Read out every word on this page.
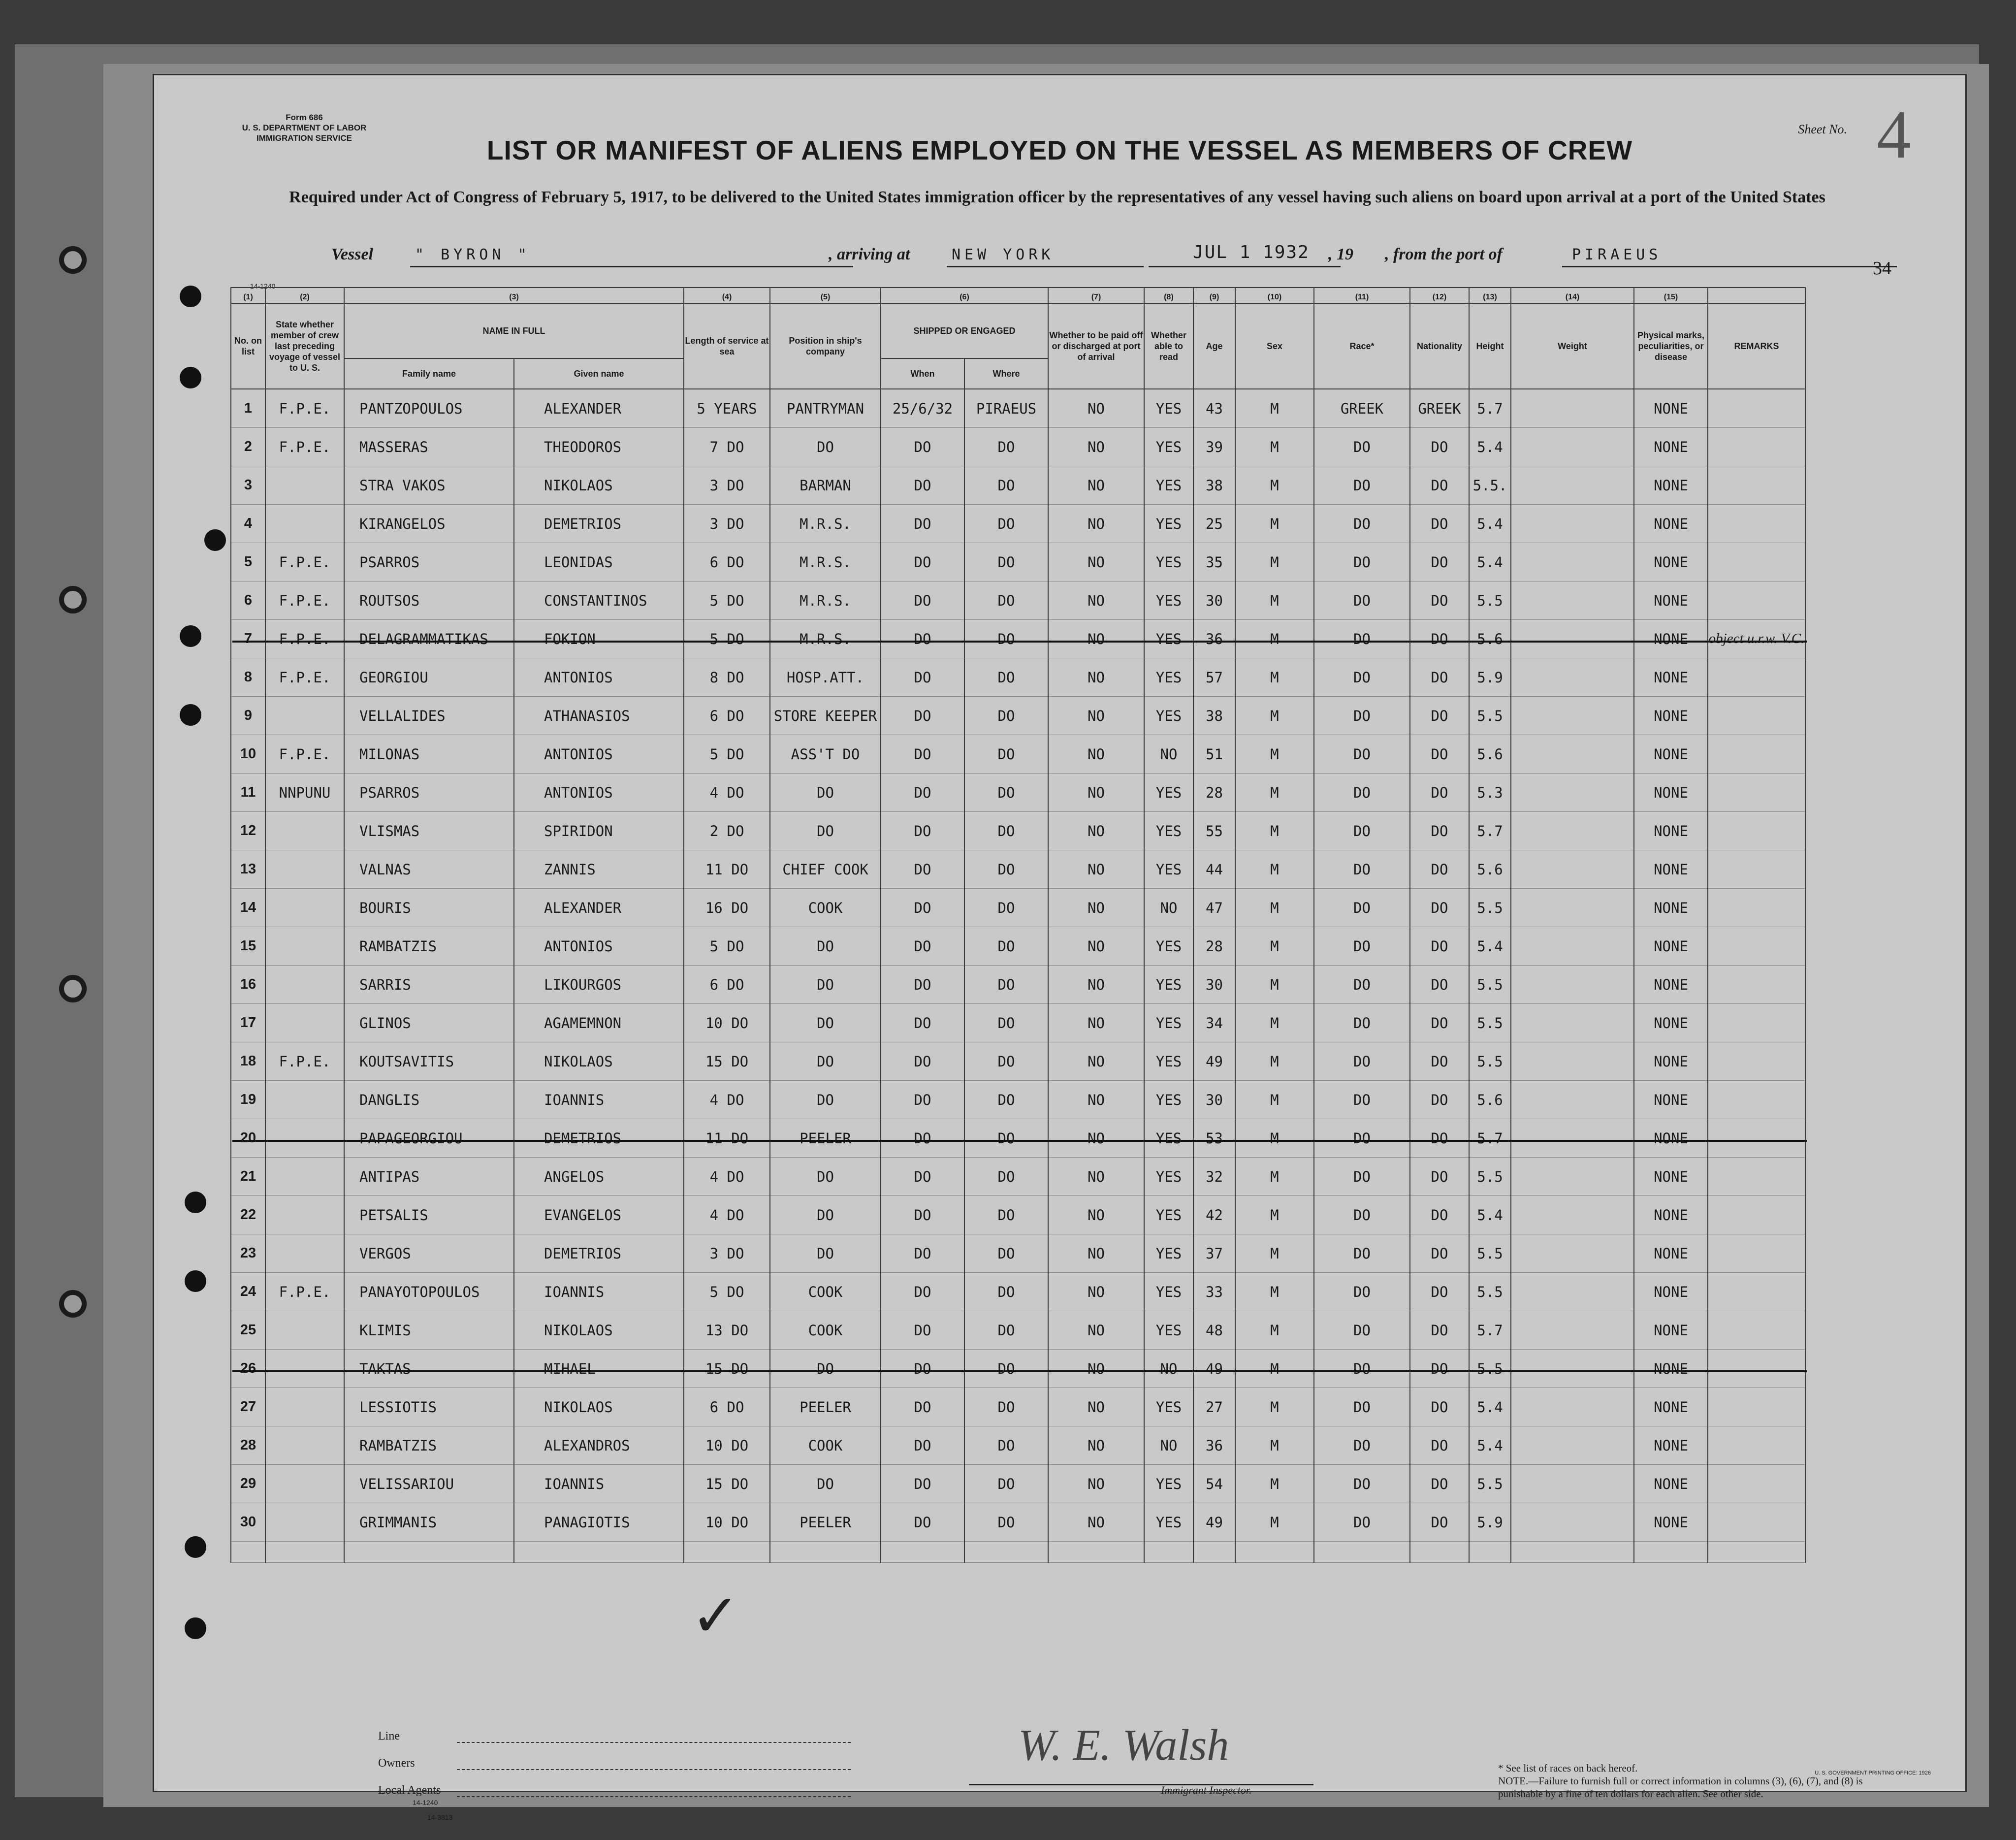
Form 686
U. S. DEPARTMENT OF LABOR
IMMIGRATION SERVICE
Sheet No. 4
LIST OR MANIFEST OF ALIENS EMPLOYED ON THE VESSEL AS MEMBERS OF CREW
Required under Act of Congress of February 5, 1917, to be delivered to the United States immigration officer by the representatives of any vessel having such aliens on board upon arrival at a port of the United States
Vessel	" BYRON "	, arriving at	NEW YORK	JUL 1 1932 , 19 , from the port of	PIRAEUS
34
14-1240
(1)	(2)	(3)		(4)	(5)	(6)		(7)	(8)	(9)	(10)	(11)	(12)	(13)	(14)	(15)	
No. on list	State whether member of crew last preceding voyage of vessel to U. S.	NAME IN FULL		Length of service at sea	Position in ship's company	SHIPPED OR ENGAGED		Whether to be paid off or discharged at port of arrival	Whether able to read	Age	Sex	Race*	Nationality	Height	Weight	Physical marks, peculiarities, or disease	REMARKS
		Family name	Given name			When	Where										
1	F.P.E.	PANTZOPOULOS	ALEXANDER	5 YEARS	PANTRYMAN	25/6/32	PIRAEUS	NO	YES	43	M	GREEK	GREEK	5.7		NONE	
2	F.P.E.	MASSERAS	THEODOROS	7 DO	DO	DO	DO	NO	YES	39	M	DO	DO	5.4		NONE	
3		STRA VAKOS	NIKOLAOS	3 DO	BARMAN	DO	DO	NO	YES	38	M	DO	DO	5.5.		NONE	
4		KIRANGELOS	DEMETRIOS	3 DO	M.R.S.	DO	DO	NO	YES	25	M	DO	DO	5.4		NONE	
5	F.P.E.	PSARROS	LEONIDAS	6 DO	M.R.S.	DO	DO	NO	YES	35	M	DO	DO	5.4		NONE	
6	F.P.E.	ROUTSOS	CONSTANTINOS	5 DO	M.R.S.	DO	DO	NO	YES	30	M	DO	DO	5.5		NONE	
7	F.P.E.	DELAGRAMMATIKAS	FOKION	5 DO	M.R.S.	DO	DO	NO	YES	36	M	DO	DO	5.6		NONE	object u.r.w. V.C.
8	F.P.E.	GEORGIOU	ANTONIOS	8 DO	HOSP.ATT.	DO	DO	NO	YES	57	M	DO	DO	5.9		NONE	
9		VELLALIDES	ATHANASIOS	6 DO	STORE KEEPER	DO	DO	NO	YES	38	M	DO	DO	5.5		NONE	
10	F.P.E.	MILONAS	ANTONIOS	5 DO	ASS'T DO	DO	DO	NO	NO	51	M	DO	DO	5.6		NONE	
11	NNPUNU	PSARROS	ANTONIOS	4 DO	DO	DO	DO	NO	YES	28	M	DO	DO	5.3		NONE	
12		VLISMAS	SPIRIDON	2 DO	DO	DO	DO	NO	YES	55	M	DO	DO	5.7		NONE	
13		VALNAS	ZANNIS	11 DO	CHIEF COOK	DO	DO	NO	YES	44	M	DO	DO	5.6		NONE	
14		BOURIS	ALEXANDER	16 DO	COOK	DO	DO	NO	NO	47	M	DO	DO	5.5		NONE	
15		RAMBATZIS	ANTONIOS	5 DO	DO	DO	DO	NO	YES	28	M	DO	DO	5.4		NONE	
16		SARRIS	LIKOURGOS	6 DO	DO	DO	DO	NO	YES	30	M	DO	DO	5.5		NONE	
17		GLINOS	AGAMEMNON	10 DO	DO	DO	DO	NO	YES	34	M	DO	DO	5.5		NONE	
18	F.P.E.	KOUTSAVITIS	NIKOLAOS	15 DO	DO	DO	DO	NO	YES	49	M	DO	DO	5.5		NONE	
19		DANGLIS	IOANNIS	4 DO	DO	DO	DO	NO	YES	30	M	DO	DO	5.6		NONE	
20		PAPAGEORGIOU	DEMETRIOS	11 DO	PEELER	DO	DO	NO	YES	53	M	DO	DO	5.7		NONE	
21		ANTIPAS	ANGELOS	4 DO	DO	DO	DO	NO	YES	32	M	DO	DO	5.5		NONE	
22		PETSALIS	EVANGELOS	4 DO	DO	DO	DO	NO	YES	42	M	DO	DO	5.4		NONE	
23		VERGOS	DEMETRIOS	3 DO	DO	DO	DO	NO	YES	37	M	DO	DO	5.5		NONE	
24	F.P.E.	PANAYOTOPOULOS	IOANNIS	5 DO	COOK	DO	DO	NO	YES	33	M	DO	DO	5.5		NONE	
25		KLIMIS	NIKOLAOS	13 DO	COOK	DO	DO	NO	YES	48	M	DO	DO	5.7		NONE	
26		TAKTAS	MIHAEL	15 DO	DO	DO	DO	NO	NO	49	M	DO	DO	5.5		NONE	
27		LESSIOTIS	NIKOLAOS	6 DO	PEELER	DO	DO	NO	YES	27	M	DO	DO	5.4		NONE	
28		RAMBATZIS	ALEXANDROS	10 DO	COOK	DO	DO	NO	NO	36	M	DO	DO	5.4		NONE	
29		VELISSARIOU	IOANNIS	15 DO	DO	DO	DO	NO	YES	54	M	DO	DO	5.5		NONE	
30		GRIMMANIS	PANAGIOTIS	10 DO	PEELER	DO	DO	NO	YES	49	M	DO	DO	5.9		NONE	

✓
Line
Owners
Local Agents
14-1240
W. E. Walsh
Immigrant Inspector.
* See list of races on back hereof.
NOTE.—Failure to furnish full or correct information in columns (3), (6), (7), and (8) is punishable by a fine of ten dollars for each alien. See other side.
14-3813
U. S. GOVERNMENT PRINTING OFFICE: 1926
